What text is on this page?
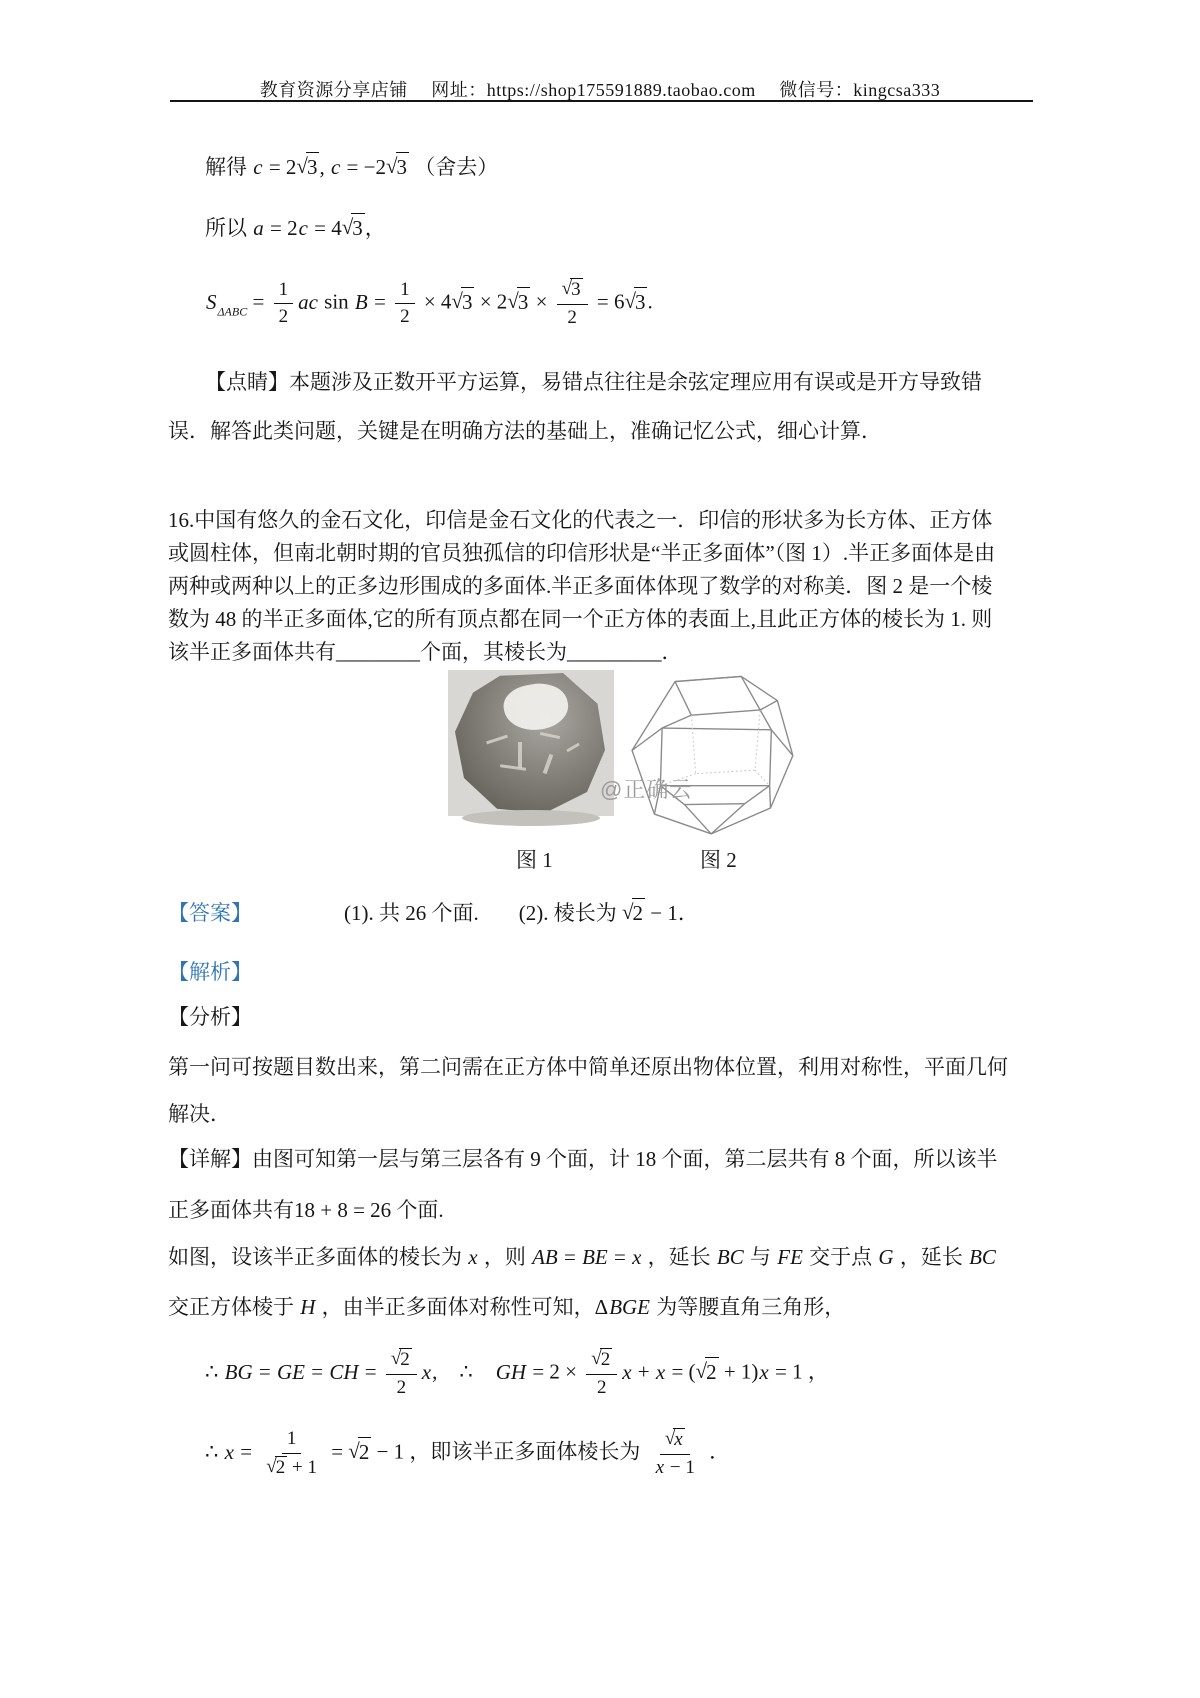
教育资源分享店铺　 网址：https://shop175591889.taobao.com　 微信号：kingcsa333
解得 c = 2√3, c = −2√3 （舍去）
所以 a = 2c = 4√3，
$S_{\Delta ABC} = \frac{1}{2}$ ac $\sin B = \frac{1}{2} \times 4√3 \times 2√3 \times \frac{√3}{2} = 6√3$.
【点睛】本题涉及正数开平方运算，易错点往往是余弦定理应用有误或是开方导致错
误．解答此类问题，关键是在明确方法的基础上，准确记忆公式，细心计算．
16.中国有悠久的金石文化，印信是金石文化的代表之一．印信的形状多为长方体、正方体
或圆柱体，但南北朝时期的官员独孤信的印信形状是“半正多面体”（图 1）.半正多面体是由
两种或两种以上的正多边形围成的多面体.半正多面体体现了数学的对称美．图 2 是一个棱
数为 48 的半正多面体,它的所有顶点都在同一个正方体的表面上,且此正方体的棱长为 1. 则
该半正多面体共有________个面，其棱长为_________．
【答案】	(1). 共 26 个面. (2). 棱长为 √2 − 1．
【解析】
【分析】
第一问可按题目数出来，第二问需在正方体中简单还原出物体位置，利用对称性，平面几何
解决．
【详解】由图可知第一层与第三层各有 9 个面，计 18 个面，第二层共有 8 个面，所以该半
正多面体共有18 + 8 = 26 个面.
如图，设该半正多面体的棱长为 x ，则 AB = BE = x ，延长 BC 与 FE 交于点 G ，延长 BC
交正方体棱于 H ，由半正多面体对称性可知，ΔBGE 为等腰直角三角形，
∴ BG = GE = CH = $\frac{√2}{2} x$, ∴ GH = $2 \times \frac{√2}{2}$ x + x = (√2 + 1)x = 1 ，
∴ $x = \frac{1}{√2 + 1} = √2 - 1$ ，即该半正多面体棱长为 $\frac{√x}{x - 1}$ ．
@正确云
图 1	图 2
